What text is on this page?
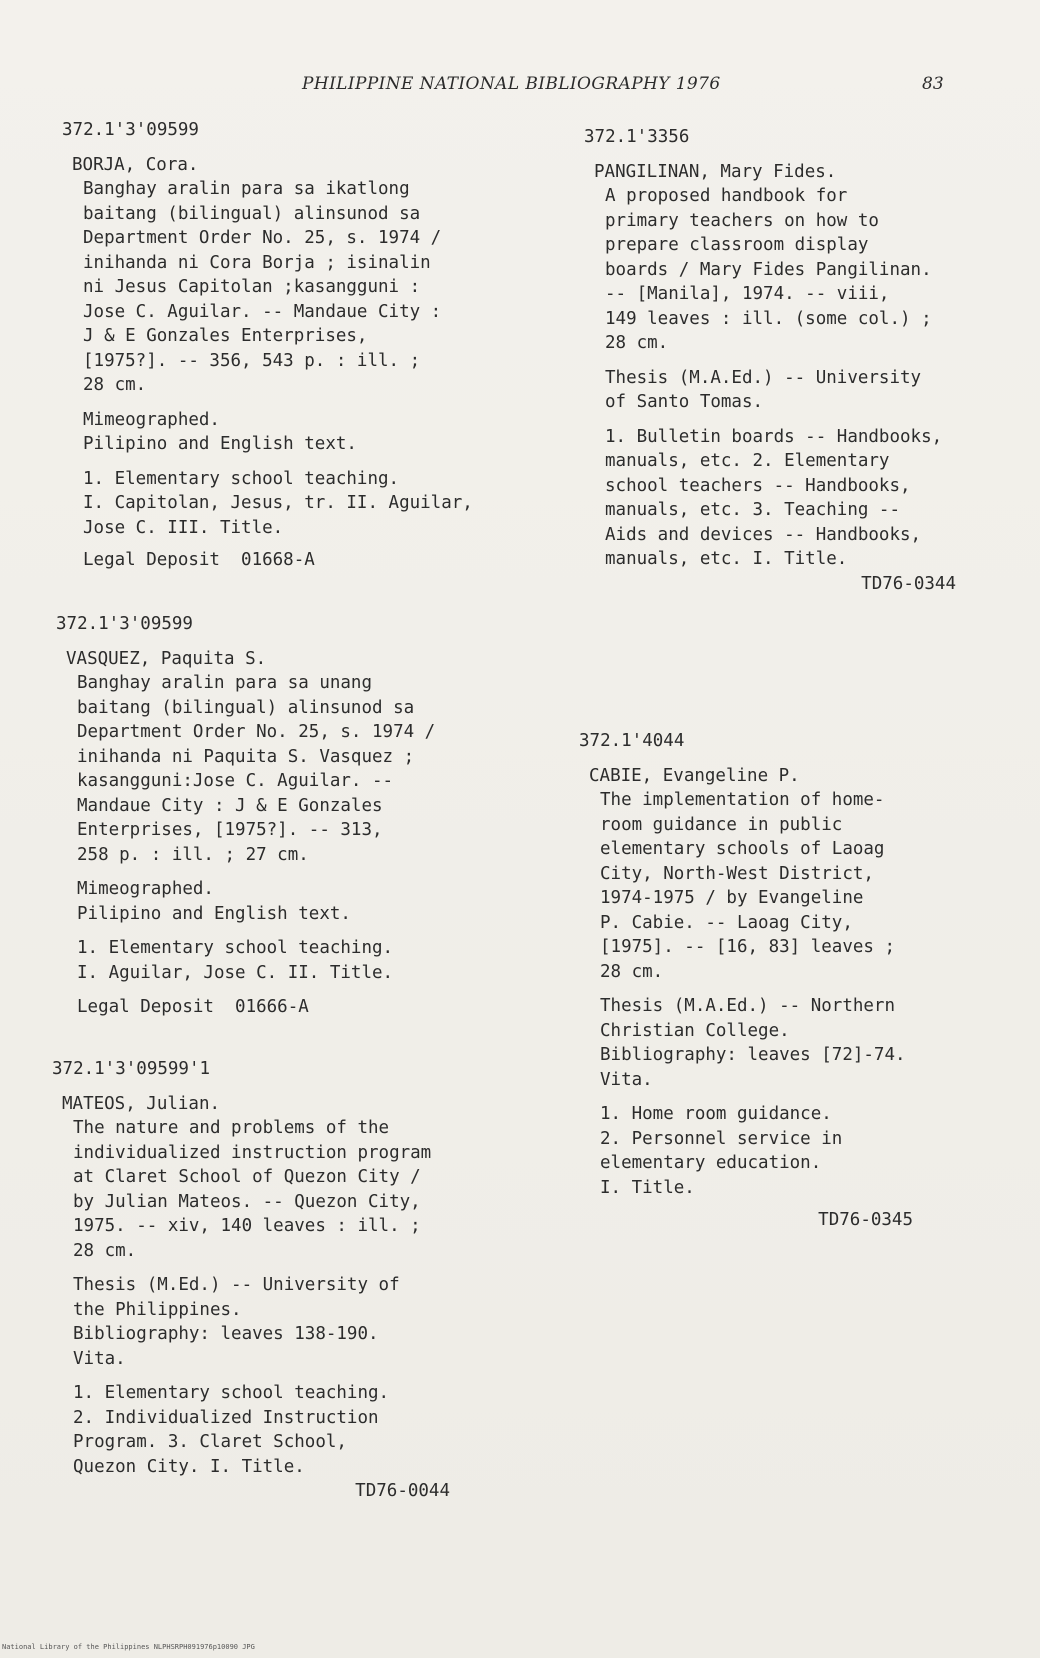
PHILIPPINE NATIONAL BIBLIOGRAPHY 1976	83
372.1'3'09599
BORJA, Cora.
Banghay aralin para sa ikatlong
baitang (bilingual) alinsunod sa
Department Order No. 25, s. 1974 /
inihanda ni Cora Borja ; isinalin
ni Jesus Capitolan ;kasangguni :
Jose C. Aguilar. -- Mandaue City :
J & E Gonzales Enterprises,
[1975?]. -- 356, 543 p. : ill. ;
28 cm.
Mimeographed.
Pilipino and English text.
1. Elementary school teaching.
I. Capitolan, Jesus, tr. II. Aguilar,
Jose C. III. Title.
Legal Deposit  01668-A
372.1'3'09599
VASQUEZ, Paquita S.
Banghay aralin para sa unang
baitang (bilingual) alinsunod sa
Department Order No. 25, s. 1974 /
inihanda ni Paquita S. Vasquez ;
kasangguni:Jose C. Aguilar. --
Mandaue City : J & E Gonzales
Enterprises, [1975?]. -- 313,
258 p. : ill. ; 27 cm.
Mimeographed.
Pilipino and English text.
1. Elementary school teaching.
I. Aguilar, Jose C. II. Title.
Legal Deposit  01666-A
372.1'3'09599'1
MATEOS, Julian.
The nature and problems of the
individualized instruction program
at Claret School of Quezon City /
by Julian Mateos. -- Quezon City,
1975. -- xiv, 140 leaves : ill. ;
28 cm.
Thesis (M.Ed.) -- University of
the Philippines.
Bibliography: leaves 138-190.
Vita.
1. Elementary school teaching.
2. Individualized Instruction
Program. 3. Claret School,
Quezon City. I. Title.
TD76-0044
372.1'3356
PANGILINAN, Mary Fides.
A proposed handbook for
primary teachers on how to
prepare classroom display
boards / Mary Fides Pangilinan.
-- [Manila], 1974. -- viii,
149 leaves : ill. (some col.) ;
28 cm.
Thesis (M.A.Ed.) -- University
of Santo Tomas.
1. Bulletin boards -- Handbooks,
manuals, etc. 2. Elementary
school teachers -- Handbooks,
manuals, etc. 3. Teaching --
Aids and devices -- Handbooks,
manuals, etc. I. Title.
TD76-0344
372.1'4044
CABIE, Evangeline P.
The implementation of home-
room guidance in public
elementary schools of Laoag
City, North-West District,
1974-1975 / by Evangeline
P. Cabie. -- Laoag City,
[1975]. -- [16, 83] leaves ;
28 cm.
Thesis (M.A.Ed.) -- Northern
Christian College.
Bibliography: leaves [72]-74.
Vita.
1. Home room guidance.
2. Personnel service in
elementary education.
I. Title.
TD76-0345
National Library of the Philippines NLPHSRPH091976p10090 JPG
